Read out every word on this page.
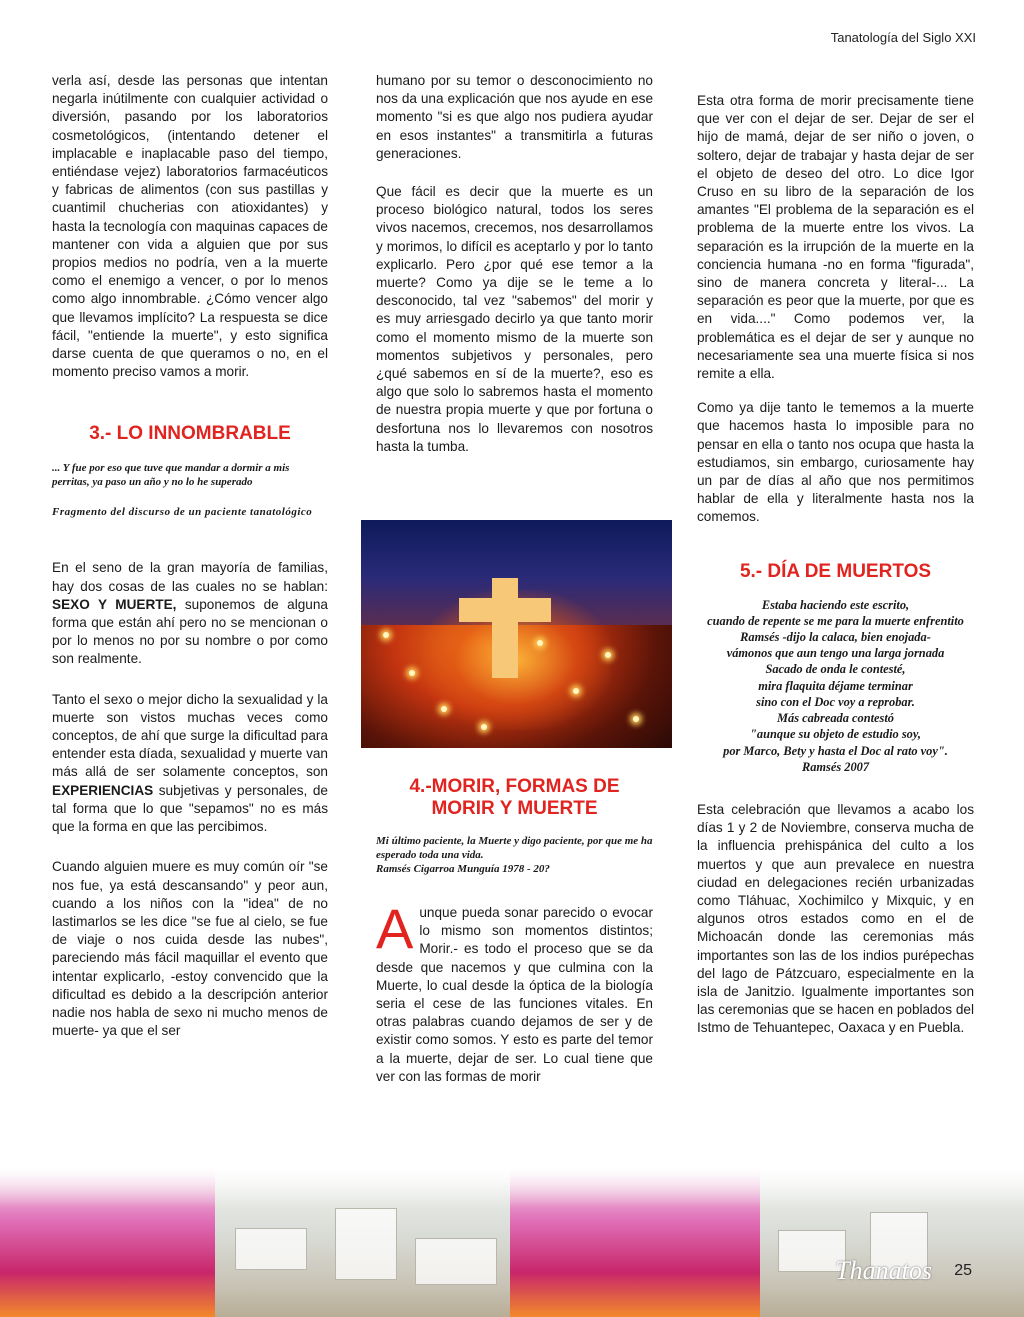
Tanatología del Siglo XXI

verla así, desde las personas que intentan negarla inútilmente con cualquier actividad o diversión, pasando por los laboratorios cosmetológicos, (intentando detener el implacable e inaplacable paso del tiempo, entiéndase vejez) laboratorios farmacéuticos y fabricas de alimentos (con sus pastillas y cuantimil chucherias con atioxidantes) y hasta la tecnología con maquinas capaces de mantener con vida a alguien que por sus propios medios no podría, ven a la muerte como el enemigo a vencer, o por lo menos como algo innombrable. ¿Cómo vencer algo que llevamos implícito? La respuesta se dice fácil, "entiende la muerte", y esto significa darse cuenta de que queramos o no, en el momento preciso vamos a morir.

3.- LO INNOMBRABLE

... Y fue por eso que tuve que mandar a dormir a mis perritas, ya paso un año y no lo he superado

Fragmento del discurso de un paciente tanatológico

En el seno de la gran mayoría de familias, hay dos cosas de las cuales no se hablan: SEXO Y MUERTE, suponemos de alguna forma que están ahí pero no se mencionan o por lo menos no por su nombre o por como son realmente.

Tanto el sexo o mejor dicho la sexualidad y la muerte son vistos muchas veces como conceptos, de ahí que surge la dificultad para entender esta díada, sexualidad y muerte van más allá de ser solamente conceptos, son EXPERIENCIAS subjetivas y personales, de tal forma que lo que "sepamos" no es más que la forma en que las percibimos.

Cuando alguien muere es muy común oír "se nos fue, ya está descansando" y peor aun, cuando a los niños con la "idea" de no lastimarlos se les dice "se fue al cielo, se fue de viaje o nos cuida desde las nubes", pareciendo más fácil maquillar el evento que intentar explicarlo, -estoy convencido que la dificultad es debido a la descripción anterior nadie nos habla de sexo ni mucho menos de muerte- ya que el ser

humano por su temor o desconocimiento no nos da una explicación que nos ayude en ese momento "si es que algo nos pudiera ayudar en esos instantes" a transmitirla a futuras generaciones.

Que fácil es decir que la muerte es un proceso biológico natural, todos los seres vivos nacemos, crecemos, nos desarrollamos y morimos, lo difícil es aceptarlo y por lo tanto explicarlo. Pero ¿por qué ese temor a la muerte? Como ya dije se le teme a lo desconocido, tal vez "sabemos" del morir y es muy arriesgado decirlo ya que tanto morir como el momento mismo de la muerte son momentos subjetivos y personales, pero ¿qué sabemos en sí de la muerte?, eso es algo que solo lo sabremos hasta el momento de nuestra propia muerte y que por fortuna o desfortuna nos lo llevaremos con nosotros hasta la tumba.

4.-MORIR, FORMAS DE MORIR Y MUERTE

Mi último paciente, la Muerte y digo paciente, por que me ha esperado toda una vida.

Ramsés Cigarroa Munguía 1978 - 20?

Aunque pueda sonar parecido o evocar lo mismo son momentos distintos; Morir.- es todo el proceso que se da desde que nacemos y que culmina con la Muerte, lo cual desde la óptica de la biología seria el cese de las funciones vitales. En otras palabras cuando dejamos de ser y de existir como somos. Y esto es parte del temor a la muerte, dejar de ser. Lo cual tiene que ver con las formas de morir

Esta otra forma de morir precisamente tiene que ver con el dejar de ser. Dejar de ser el hijo de mamá, dejar de ser niño o joven, o soltero, dejar de trabajar y hasta dejar de ser el objeto de deseo del otro. Lo dice Igor Cruso en su libro de la separación de los amantes "El problema de la separación es el problema de la muerte entre los vivos. La separación es la irrupción de la muerte en la conciencia humana -no en forma "figurada", sino de manera concreta y literal-... La separación es peor que la muerte, por que es en vida...." Como podemos ver, la problemática es el dejar de ser y aunque no necesariamente sea una muerte física si nos remite a ella.

Como ya dije tanto le tememos a la muerte que hacemos hasta lo imposible para no pensar en ella o tanto nos ocupa que hasta la estudiamos, sin embargo, curiosamente hay un par de días al año que nos permitimos hablar de ella y literalmente hasta nos la comemos.

5.- DÍA DE MUERTOS
Estaba haciendo este escrito,
cuando de repente se me para la muerte enfrentito
Ramsés -dijo la calaca, bien enojada-
vámonos que aun tengo una larga jornada
Sacado de onda le contesté,
mira flaquita déjame terminar
sino con el Doc voy a reprobar.
Más cabreada contestó
"aunque su objeto de estudio soy,
por Marco, Bety y hasta el Doc al rato voy".
Ramsés 2007

Esta celebración que llevamos a acabo los días 1 y 2 de Noviembre, conserva mucha de la influencia prehispánica del culto a los muertos y que aun prevalece en nuestra ciudad en delegaciones recién urbanizadas como Tláhuac, Xochimilco y Mixquic, y en algunos otros estados como en el de Michoacán donde las ceremonias más importantes son las de los indios purépechas del lago de Pátzcuaro, especialmente en la isla de Janitzio. Igualmente importantes son las ceremonias que se hacen en poblados del Istmo de Tehuantepec, Oaxaca y en Puebla.

Thanatos 25
